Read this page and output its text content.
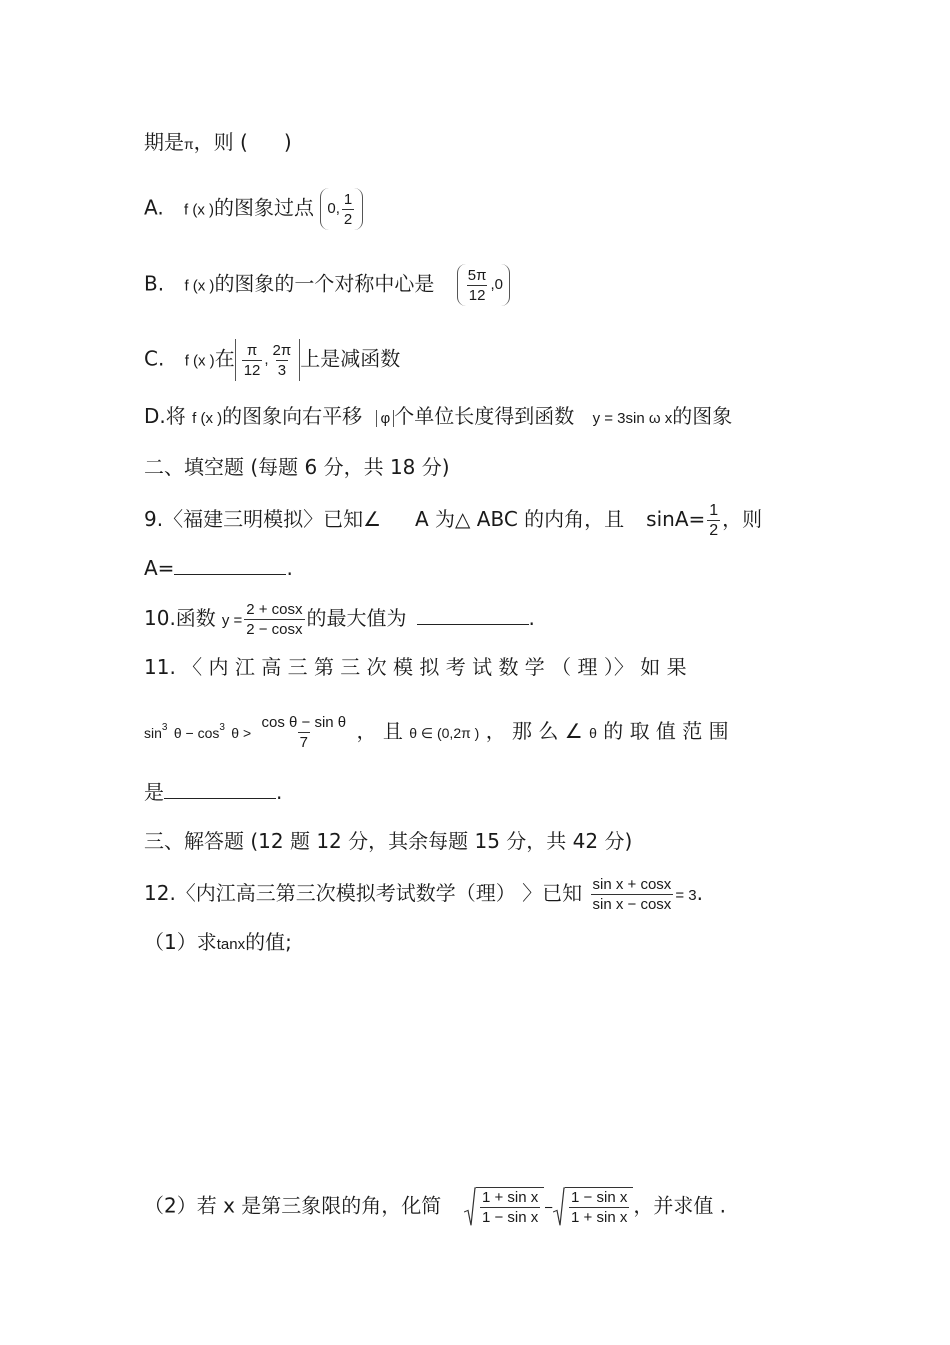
期是π，则 ( )
A. f (x )的图象过点 0, $\frac{1}{2}$
B. f (x )的图象的一个对称中心是 $\frac{5\pi}{12} ,0$
C. f (x )在 $\frac{\pi}{12}$ , $\frac{2\pi}{3}$ 上是减函数
D.将 f (x )的图象向右平移 φ 个单位长度得到函数 y = 3sin ω x的图象
二、填空题 (每题 6 分，共 18 分)
9.〈福建三明模拟〉已知∠ A 为△ ABC 的内角，且 $\sin A= \frac{1}{2}$ ，则
A=	.
10.函数 $y = \frac{2 + \cos x}{2 - \cos x}$ 的最大值为	.
11. 〈 内 江 高 三 第 三 次 模 拟 考 试 数 学 （ 理 ）〉 如 果
$\sin^3 \theta - \cos^3 \theta > \frac{\text{cos θ − sin θ}}{7}$ ， 且 θ ∈ (0,2π ) ， 那 么 ∠ θ 的 取 值 范 围
是	.
三、解答题 (12 题 12 分，其余每题 15 分，共 42 分)
12.〈内江高三第三次模拟考试数学（理） 〉已知 $\frac{\text{sin x + cosx}}{\text{sin x − cosx}} = 3$.
（1）求tanx的值;
（2）若 x 是第三象限的角，化简	$\frac{\text{1 + sin x}}{\text{1 − sin x}} - \frac{\text{1 − sin x}}{\text{1 + sin x}}$ ，并求值 .
